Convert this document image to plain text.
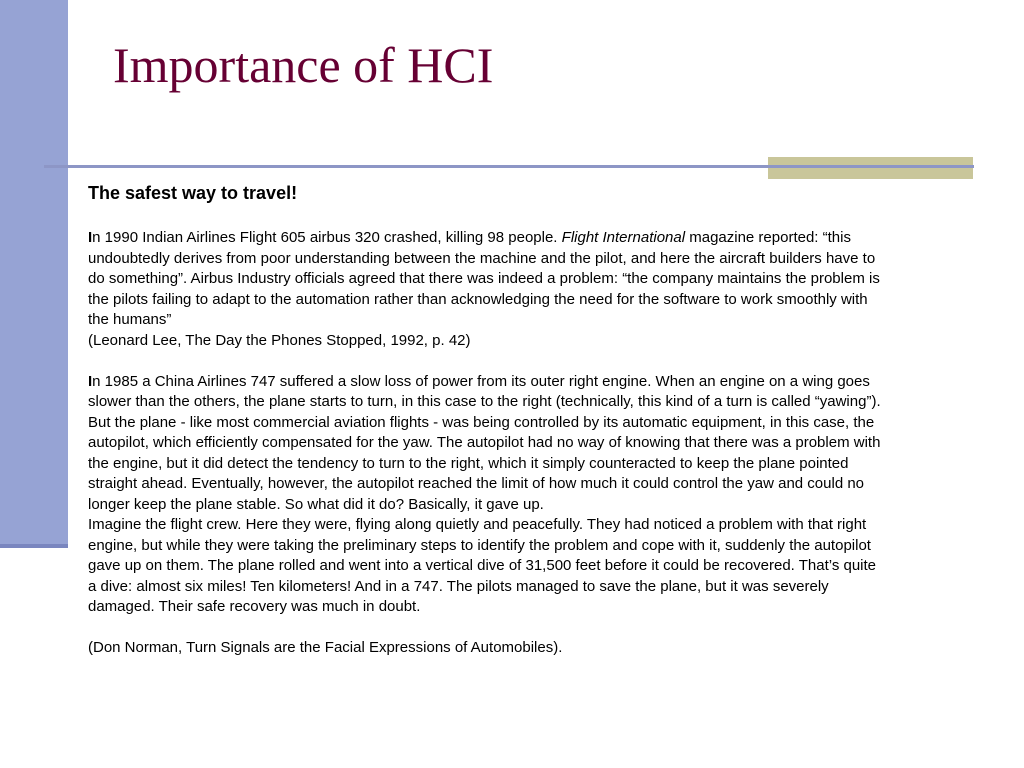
Importance of HCI

The safest way to travel!

In 1990 Indian Airlines Flight 605 airbus 320 crashed, killing 98 people. Flight International magazine reported: “this undoubtedly derives from poor understanding between the machine and the pilot, and here the aircraft builders have to do something”. Airbus Industry officials agreed that there was indeed a problem: “the company maintains the problem is the pilots failing to adapt to the automation rather than acknowledging the need for the software to work smoothly with the humans”

(Leonard Lee, The Day the Phones Stopped, 1992, p. 42)

In 1985 a China Airlines 747 suffered a slow loss of power from its outer right engine. When an engine on a wing goes slower than the others, the plane starts to turn, in this case to the right (technically, this kind of a turn is called “yawing”). But the plane - like most commercial aviation flights - was being controlled by its automatic equipment, in this case, the autopilot, which efficiently compensated for the yaw. The autopilot had no way of knowing that there was a problem with the engine, but it did detect the tendency to turn to the right, which it simply counteracted to keep the plane pointed straight ahead. Eventually, however, the autopilot reached the limit of how much it could control the yaw and could no longer keep the plane stable. So what did it do? Basically, it gave up.

Imagine the flight crew. Here they were, flying along quietly and peacefully. They had noticed a problem with that right engine, but while they were taking the preliminary steps to identify the problem and cope with it, suddenly the autopilot gave up on them. The plane rolled and went into a vertical dive of 31,500 feet before it could be recovered. That’s quite a dive: almost six miles! Ten kilometers! And in a 747. The pilots managed to save the plane, but it was severely damaged. Their safe recovery was much in doubt.

(Don Norman, Turn Signals are the Facial Expressions of Automobiles).
